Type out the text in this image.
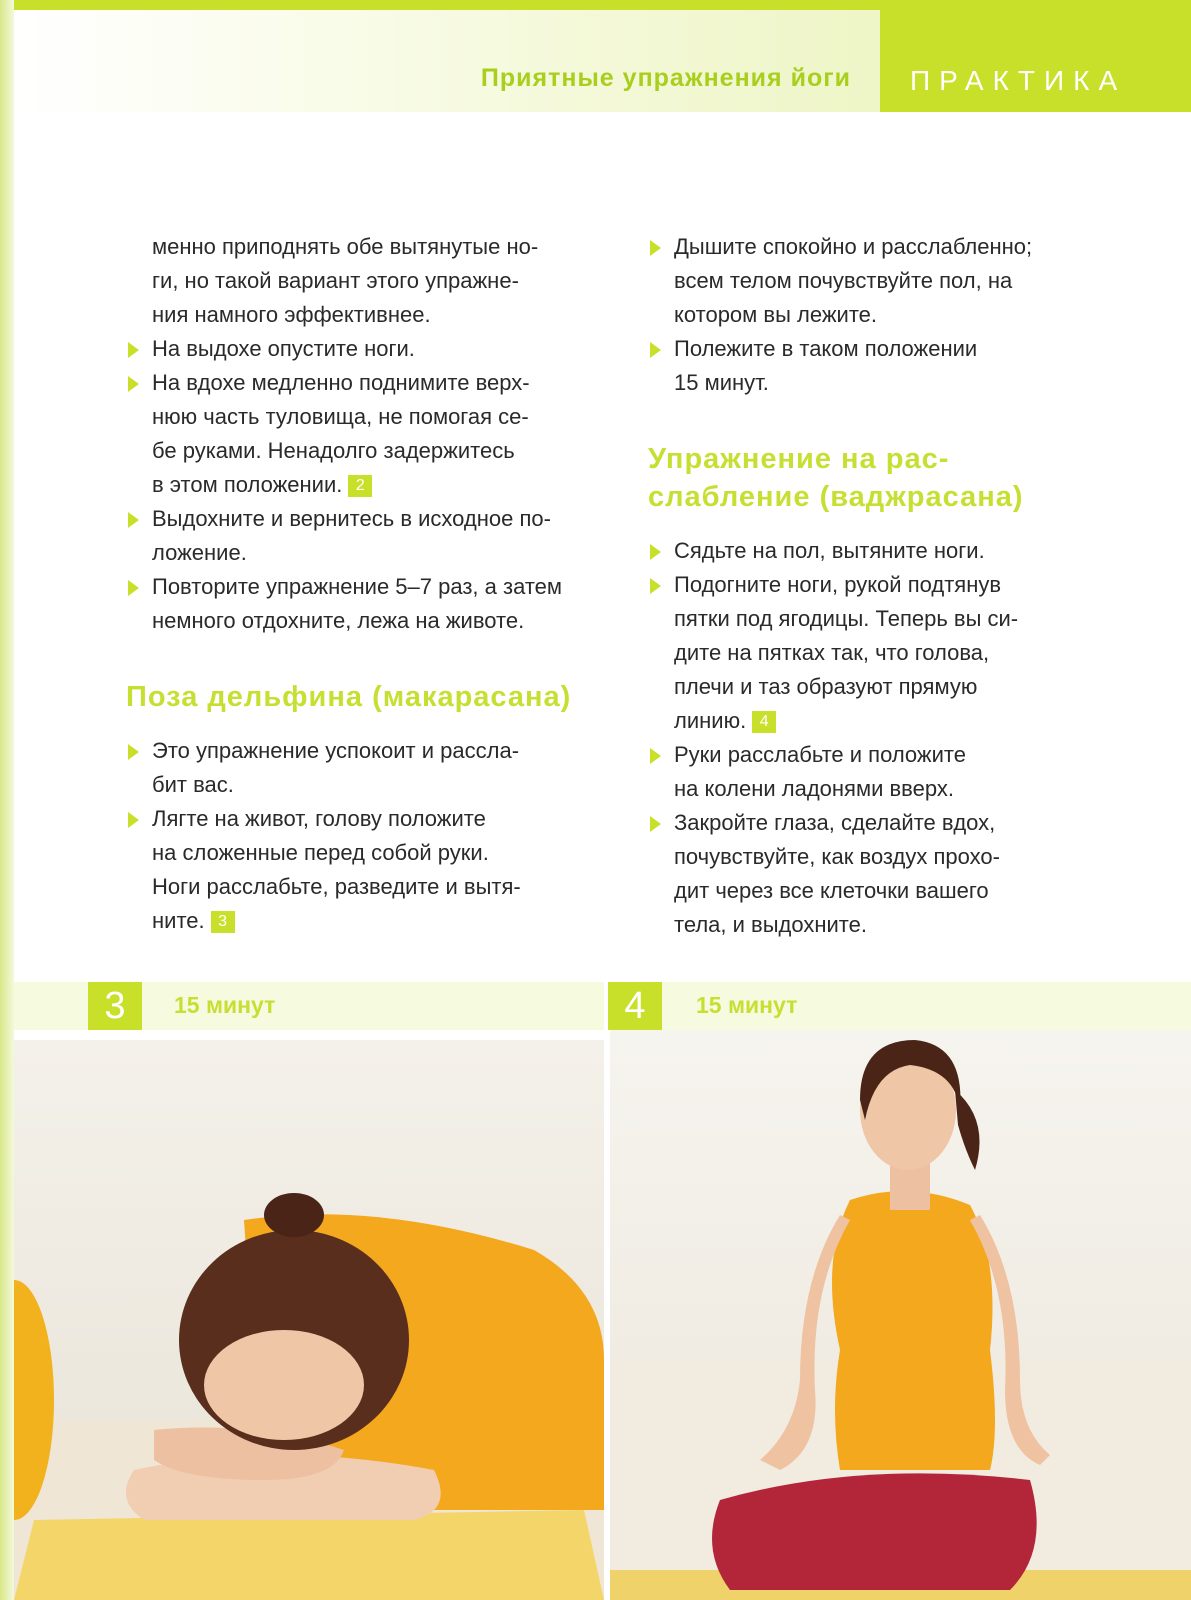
Приятные упражнения йоги ПРАКТИКА

менно приподнять обе вытянутые но-
ги, но такой вариант этого упражне-
ния намного эффективнее.

На выдохе опустите ноги.

На вдохе медленно поднимите верх-
нюю часть туловища, не помогая се-
бе руками. Ненадолго задержитесь
в этом положении. 2

Выдохните и вернитесь в исходное по-
ложение.

Повторите упражнение 5–7 раз, а затем
немного отдохните, лежа на животе.

Поза дельфина (макарасана)

Это упражнение успокоит и рассла-
бит вас.

Лягте на живот, голову положите
на сложенные перед собой руки.
Ноги расслабьте, разведите и вытя-
ните. 3

Дышите спокойно и расслабленно;
всем телом почувствуйте пол, на
котором вы лежите.

Полежите в таком положении
15 минут.

Упражнение на рас-
слабление (ваджрасана)

Сядьте на пол, вытяните ноги.

Подогните ноги, рукой подтянув
пятки под ягодицы. Теперь вы си-
дите на пятках так, что голова,
плечи и таз образуют прямую
линию. 4

Руки расслабьте и положите
на колени ладонями вверх.

Закройте глаза, сделайте вдох,
почувствуйте, как воздух прохо-
дит через все клеточки вашего
тела, и выдохните.

3	15 минут	4	15 минут
